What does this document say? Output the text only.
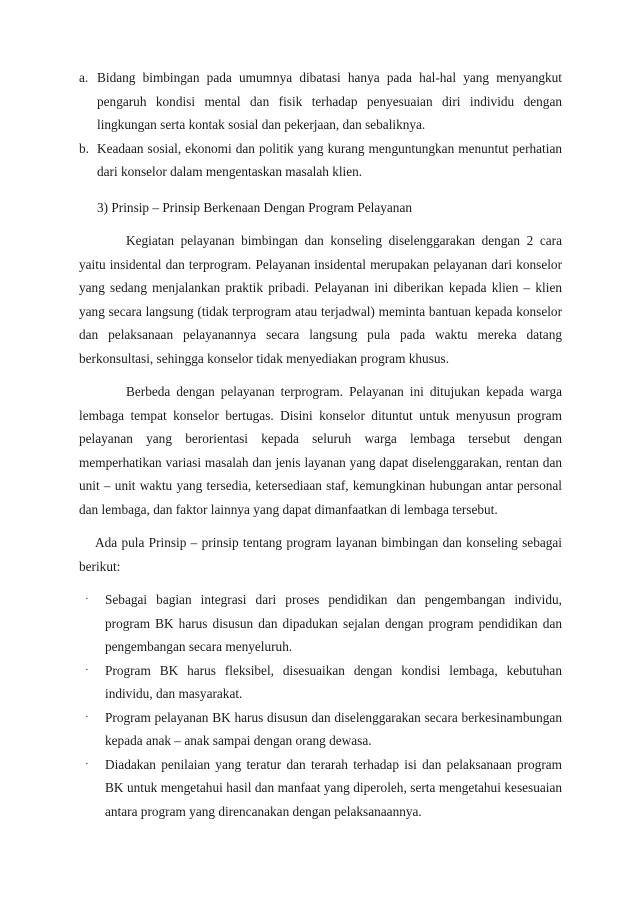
a. Bidang bimbingan pada umumnya dibatasi hanya pada hal-hal yang menyangkut pengaruh kondisi mental dan fisik terhadap penyesuaian diri individu dengan lingkungan serta kontak sosial dan pekerjaan, dan sebaliknya.
b. Keadaan sosial, ekonomi dan politik yang kurang menguntungkan menuntut perhatian dari konselor dalam mengentaskan masalah klien.
3) Prinsip – Prinsip Berkenaan Dengan Program Pelayanan

Kegiatan pelayanan bimbingan dan konseling diselenggarakan dengan 2 cara yaitu insidental dan terprogram. Pelayanan insidental merupakan pelayanan dari konselor yang sedang menjalankan praktik pribadi. Pelayanan ini diberikan kepada klien – klien yang secara langsung (tidak terprogram atau terjadwal) meminta bantuan kepada konselor dan pelaksanaan pelayanannya secara langsung pula pada waktu mereka datang berkonsultasi, sehingga konselor tidak menyediakan program khusus.

Berbeda dengan pelayanan terprogram. Pelayanan ini ditujukan kepada warga lembaga tempat konselor bertugas. Disini konselor dituntut untuk menyusun program pelayanan yang berorientasi kepada seluruh warga lembaga tersebut dengan memperhatikan variasi masalah dan jenis layanan yang dapat diselenggarakan, rentan dan unit – unit waktu yang tersedia, ketersediaan staf, kemungkinan hubungan antar personal dan lembaga, dan faktor lainnya yang dapat dimanfaatkan di lembaga tersebut.

Ada pula Prinsip – prinsip tentang program layanan bimbingan dan konseling sebagai berikut:

·	Sebagai bagian integrasi dari proses pendidikan dan pengembangan individu, program BK harus disusun dan dipadukan sejalan dengan program pendidikan dan pengembangan secara menyeluruh.
·	Program BK harus fleksibel, disesuaikan dengan kondisi lembaga, kebutuhan individu, dan masyarakat.
·	Program pelayanan BK harus disusun dan diselenggarakan secara berkesinambungan kepada anak – anak sampai dengan orang dewasa.
·	Diadakan penilaian yang teratur dan terarah terhadap isi dan pelaksanaan program BK untuk mengetahui hasil dan manfaat yang diperoleh, serta mengetahui kesesuaian antara program yang direncanakan dengan pelaksanaannya.
